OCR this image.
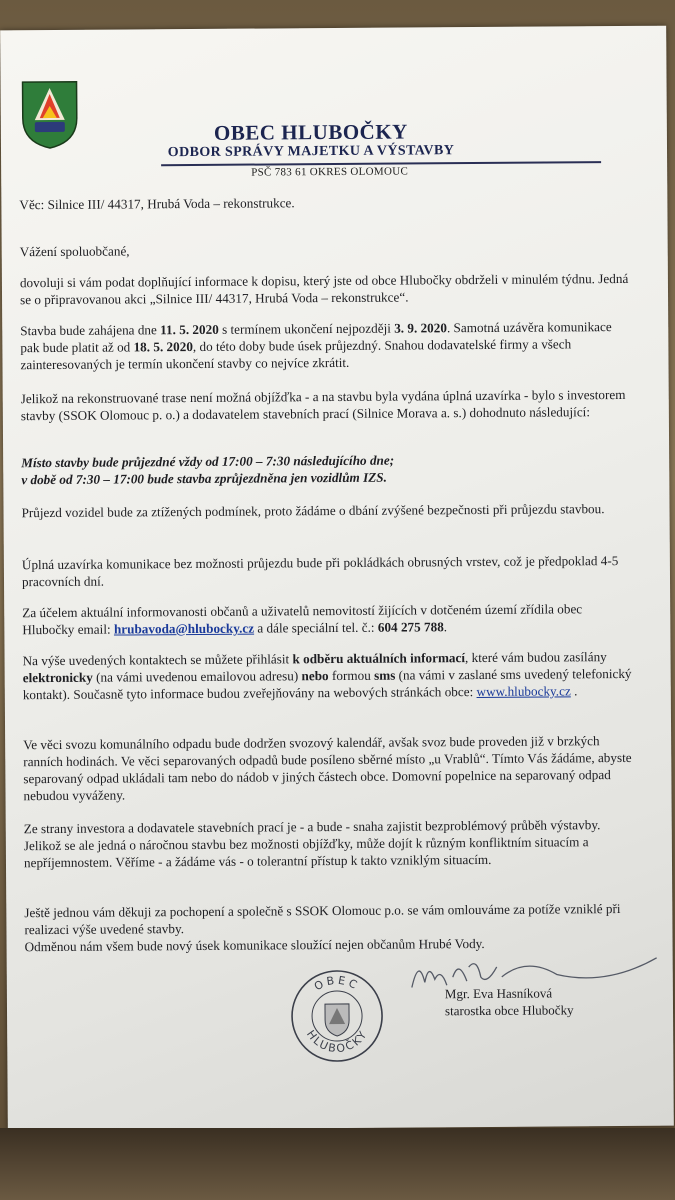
OBEC HLUBOČKY
ODBOR SPRÁVY MAJETKU A VÝSTAVBY
PSČ 783 61 OKRES OLOMOUC
Věc: Silnice III/ 44317, Hrubá Voda – rekonstrukce.
Vážení spoluobčané,
dovoluji si vám podat doplňující informace k dopisu, který jste od obce Hlubočky obdrželi v minulém týdnu. Jedná se o připravovanou akci „Silnice III/ 44317, Hrubá Voda – rekonstrukce“.
Stavba bude zahájena dne 11. 5. 2020 s termínem ukončení nejpozději 3. 9. 2020. Samotná uzávěra komunikace pak bude platit až od 18. 5. 2020, do této doby bude úsek průjezdný. Snahou dodavatelské firmy a všech zainteresovaných je termín ukončení stavby co nejvíce zkrátit.
Jelikož na rekonstruované trase není možná objížďka - a na stavbu byla vydána úplná uzavírka - bylo s investorem stavby (SSOK Olomouc p. o.) a dodavatelem stavebních prací (Silnice Morava a. s.) dohodnuto následující:
Místo stavby bude průjezdné vždy od 17:00 – 7:30 následujícího dne;
v době od 7:30 – 17:00 bude stavba zprůjezdněna jen vozidlům IZS.
Průjezd vozidel bude za ztížených podmínek, proto žádáme o dbání zvýšené bezpečnosti při průjezdu stavbou.
Úplná uzavírka komunikace bez možnosti průjezdu bude při pokládkách obrusných vrstev, což je předpoklad 4-5 pracovních dní.
Za účelem aktuální informovanosti občanů a uživatelů nemovitostí žijících v dotčeném území zřídila obec Hlubočky email: hrubavoda@hlubocky.cz a dále speciální tel. č.: 604 275 788.
Na výše uvedených kontaktech se můžete přihlásit k odběru aktuálních informací, které vám budou zasílány elektronicky (na vámi uvedenou emailovou adresu) nebo formou sms (na vámi v zaslané sms uvedený telefonický kontakt). Současně tyto informace budou zveřejňovány na webových stránkách obce: www.hlubocky.cz .
Ve věci svozu komunálního odpadu bude dodržen svozový kalendář, avšak svoz bude proveden již v brzkých ranních hodinách. Ve věci separovaných odpadů bude posíleno sběrné místo „u Vrablů“. Tímto Vás žádáme, abyste separovaný odpad ukládali tam nebo do nádob v jiných částech obce. Domovní popelnice na separovaný odpad nebudou vyváženy.
Ze strany investora a dodavatele stavebních prací je - a bude - snaha zajistit bezproblémový průběh výstavby. Jelikož se ale jedná o náročnou stavbu bez možnosti objížďky, může dojít k různým konfliktním situacím a nepříjemnostem. Věříme - a žádáme vás - o tolerantní přístup k takto vzniklým situacím.
Ještě jednou vám děkuji za pochopení a společně s SSOK Olomouc p.o. se vám omlouváme za potíže vzniklé při realizaci výše uvedené stavby.
Odměnou nám všem bude nový úsek komunikace sloužící nejen občanům Hrubé Vody.
OBEC
HLUBOČKY
Mgr. Eva Hasníková
starostka obce Hlubočky
